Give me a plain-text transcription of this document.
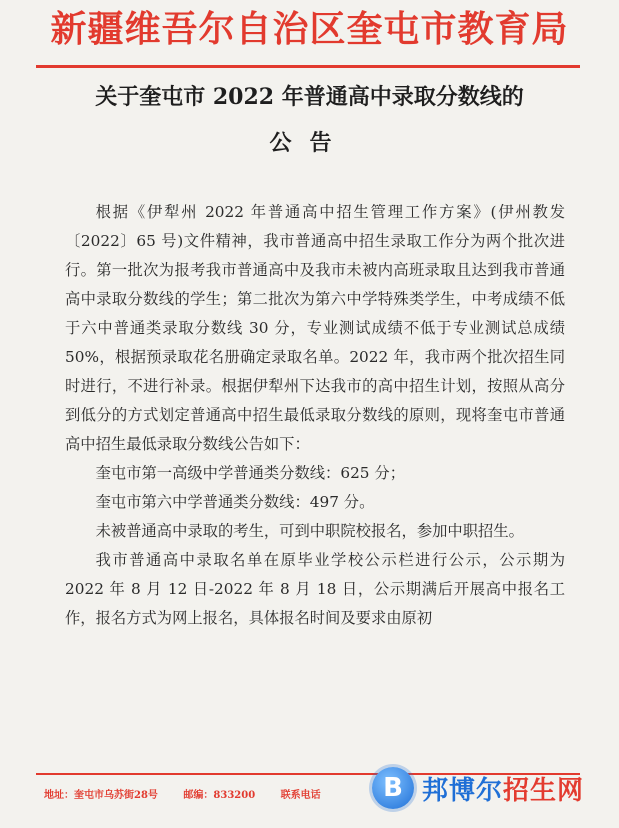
新疆维吾尔自治区奎屯市教育局
关于奎屯市 2022 年普通高中录取分数线的
公告

根据《伊犁州 2022 年普通高中招生管理工作方案》(伊州教发〔2022〕65 号)文件精神，我市普通高中招生录取工作分为两个批次进行。第一批次为报考我市普通高中及我市未被内高班录取且达到我市普通高中录取分数线的学生；第二批次为第六中学特殊类学生，中考成绩不低于六中普通类录取分数线 30 分，专业测试成绩不低于专业测试总成绩 50%，根据预录取花名册确定录取名单。2022 年，我市两个批次招生同时进行，不进行补录。根据伊犁州下达我市的高中招生计划，按照从高分到低分的方式划定普通高中招生最低录取分数线的原则，现将奎屯市普通高中招生最低录取分数线公告如下：

奎屯市第一高级中学普通类分数线：625 分；

奎屯市第六中学普通类分数线：497 分。

未被普通高中录取的考生，可到中职院校报名，参加中职招生。

我市普通高中录取名单在原毕业学校公示栏进行公示，公示期为 2022 年 8 月 12 日-2022 年 8 月 18 日，公示期满后开展高中报名工作，报名方式为网上报名，具体报名时间及要求由原初

地址：奎屯市乌苏街28号	邮编：833200	联系电话	B 邦博尔招生网
